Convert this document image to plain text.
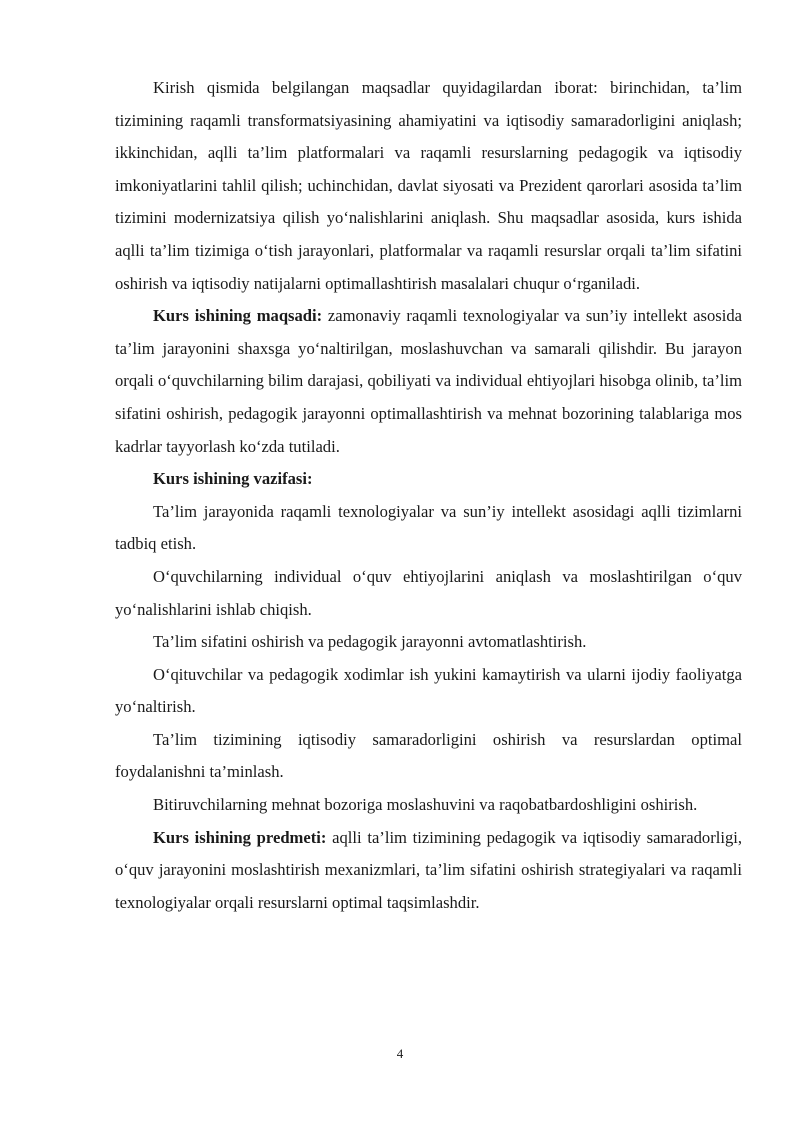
Kirish qismida belgilangan maqsadlar quyidagilardan iborat: birinchidan, ta’lim tizimining raqamli transformatsiyasining ahamiyatini va iqtisodiy samaradorligini aniqlash; ikkinchidan, aqlli ta’lim platformalari va raqamli resurslarning pedagogik va iqtisodiy imkoniyatlarini tahlil qilish; uchinchidan, davlat siyosati va Prezident qarorlari asosida ta’lim tizimini modernizatsiya qilish yo‘nalishlarini aniqlash. Shu maqsadlar asosida, kurs ishida aqlli ta’lim tizimiga o‘tish jarayonlari, platformalar va raqamli resurslar orqali ta’lim sifatini oshirish va iqtisodiy natijalarni optimallashtirish masalalari chuqur o‘rganiladi.

Kurs ishining maqsadi: zamonaviy raqamli texnologiyalar va sun’iy intellekt asosida ta’lim jarayonini shaxsga yo‘naltirilgan, moslashuvchan va samarali qilishdir. Bu jarayon orqali o‘quvchilarning bilim darajasi, qobiliyati va individual ehtiyojlari hisobga olinib, ta’lim sifatini oshirish, pedagogik jarayonni optimallashtirish va mehnat bozorining talablariga mos kadrlar tayyorlash ko‘zda tutiladi.

Kurs ishining vazifasi:

Ta’lim jarayonida raqamli texnologiyalar va sun’iy intellekt asosidagi aqlli tizimlarni tadbiq etish.

O‘quvchilarning individual o‘quv ehtiyojlarini aniqlash va moslashtirilgan o‘quv yo‘nalishlarini ishlab chiqish.

Ta’lim sifatini oshirish va pedagogik jarayonni avtomatlashtirish.

O‘qituvchilar va pedagogik xodimlar ish yukini kamaytirish va ularni ijodiy faoliyatga yo‘naltirish.

Ta’lim tizimining iqtisodiy samaradorligini oshirish va resurslardan optimal foydalanishni ta’minlash.

Bitiruvchilarning mehnat bozoriga moslashuvini va raqobatbardoshligini oshirish.

Kurs ishining predmeti: aqlli ta’lim tizimining pedagogik va iqtisodiy samaradorligi, o‘quv jarayonini moslashtirish mexanizmlari, ta’lim sifatini oshirish strategiyalari va raqamli texnologiyalar orqali resurslarni optimal taqsimlashdir.

4
